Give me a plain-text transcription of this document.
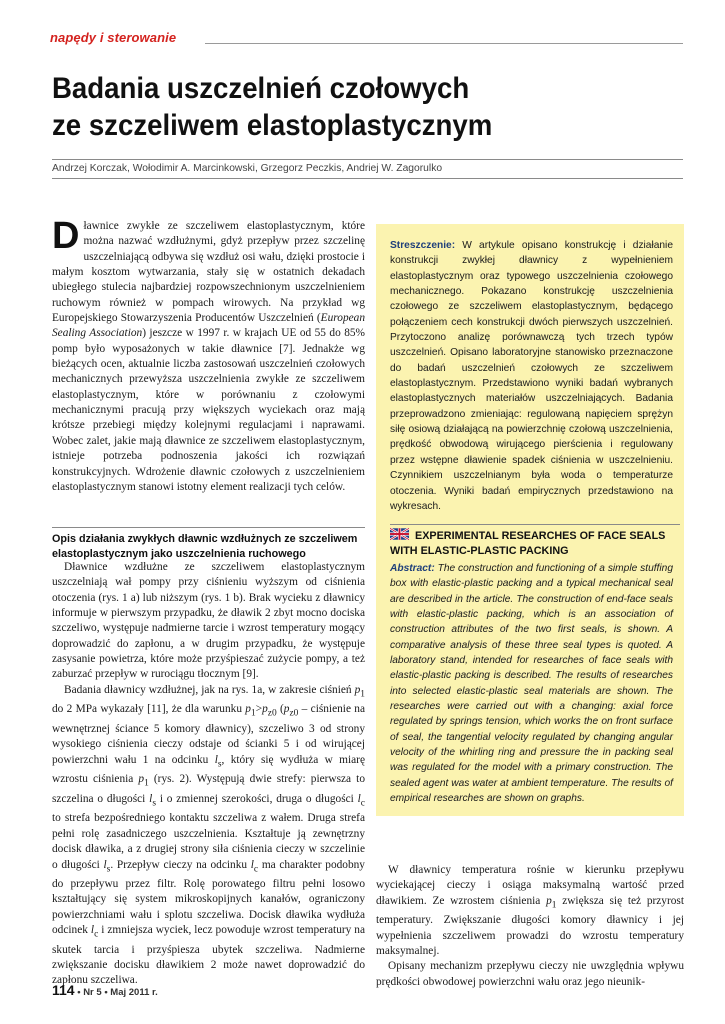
napędy i sterowanie
Badania uszczelnień czołowych
ze szczeliwem elastoplastycznym
Andrzej Korczak, Wołodimir A. Marcinkowski, Grzegorz Peczkis, Andriej W. Zagorulko
Dławnice zwykłe ze szczeliwem elastoplastycznym, które można nazwać wzdłużnymi, gdyż przepływ przez szczelinę uszczelniającą odbywa się wzdłuż osi wału, dzięki prostocie i małym kosztom wytwarzania, stały się w ostatnich dekadach ubiegłego stulecia najbardziej rozpowszechnionym uszczelnieniem ruchowym również w pompach wirowych. Na przykład wg Europejskiego Stowarzyszenia Producentów Uszczelnień (European Sealing Association) jeszcze w 1997 r. w krajach UE od 55 do 85% pomp było wyposażonych w takie dławnice [7]. Jednakże wg bieżących ocen, aktualnie liczba zastosowań uszczelnień czołowych mechanicznych przewyższa uszczelnienia zwykłe ze szczeliwem elastoplastycznym, które w porównaniu z czołowymi mechanicznymi pracują przy większych wyciekach oraz mają krótsze przebiegi między kolejnymi regulacjami i naprawami. Wobec zalet, jakie mają dławnice ze szczeliwem elastoplastycznym, istnieje potrzeba podnoszenia jakości ich rozwiązań konstrukcyjnych. Wdrożenie dławnic czołowych z uszczelnieniem elastoplastycznym stanowi istotny element realizacji tych celów.
Opis działania zwykłych dławnic wzdłużnych ze szczeliwem elastoplastycznym jako uszczelnienia ruchowego

Dławnice wzdłużne ze szczeliwem elastoplastycznym uszczelniają wał pompy przy ciśnieniu wyższym od ciśnienia otoczenia (rys. 1 a) lub niższym (rys. 1 b). Brak wycieku z dławnicy informuje w pierwszym przypadku, że dławik 2 zbyt mocno dociska szczeliwo, występuje nadmierne tarcie i wzrost temperatury mogący doprowadzić do zapłonu, a w drugim przypadku, że występuje zasysanie powietrza, które może przyśpieszać zużycie pompy, a też zaburzać przepływ w rurociągu tłocznym [9].

Badania dławnicy wzdłużnej, jak na rys. 1a, w zakresie ciśnień $p_1$ do 2 MPa wykazały [11], że dla warunku $p_1>p_{z0}$ ($p_{z0}$ – ciśnienie na wewnętrznej ściance 5 komory dławnicy), szczeliwo 3 od strony wysokiego ciśnienia cieczy odstaje od ścianki 5 i od wirującej powierzchni wału 1 na odcinku $l_s$, który się wydłuża w miarę wzrostu ciśnienia $p_1$ (rys. 2). Występują dwie strefy: pierwsza to szczelina o długości $l_s$ i o zmiennej szerokości, druga o długości $l_c$ to strefa bezpośredniego kontaktu szczeliwa z wałem. Druga strefa pełni rolę zasadniczego uszczelnienia. Kształtuje ją zewnętrzny docisk dławika, a z drugiej strony siła ciśnienia cieczy w szczelinie o długości $l_s$. Przepływ cieczy na odcinku $l_c$ ma charakter podobny do przepływu przez filtr. Rolę porowatego filtru pełni losowo kształtujący się system mikroskopijnych kanałów, ograniczony powierzchniami wału i splotu szczeliwa. Docisk dławika wydłuża odcinek $l_c$ i zmniejsza wyciek, lecz powoduje wzrost temperatury na skutek tarcia i przyśpiesza ubytek szczeliwa. Nadmierne zwiększanie docisku dławikiem 2 może nawet doprowadzić do zapłonu szczeliwa.

Streszczenie: W artykule opisano konstrukcję i działanie konstrukcji zwykłej dławnicy z wypełnieniem elastoplastycznym oraz typowego uszczelnienia czołowego mechanicznego. Pokazano konstrukcję uszczelnienia czołowego ze szczeliwem elastoplastycznym, będącego połączeniem cech konstrukcji dwóch pierwszych uszczelnień. Przytoczono analizę porównawczą tych trzech typów uszczelnień. Opisano laboratoryjne stanowisko przeznaczone do badań uszczelnień czołowych ze szczeliwem elastoplastycznym. Przedstawiono wyniki badań wybranych elastoplastycznych materiałów uszczelniających. Badania przeprowadzono zmieniając: regulowaną napięciem sprężyn siłę osiową działającą na powierzchnię czołową uszczelnienia, prędkość obwodową wirującego pierścienia i regulowany przez wstępne dławienie spadek ciśnienia w uszczelnieniu. Czynnikiem uszczelnianym była woda o temperaturze otoczenia. Wyniki badań empirycznych przedstawiono na wykresach.
EXPERIMENTAL RESEARCHES OF FACE SEALS
WITH ELASTIC-PLASTIC PACKING
Abstract: The construction and functioning of a simple stuffing box with elastic-plastic packing and a typical mechanical seal are described in the article. The construction of end-face seals with elastic-plastic packing, which is an association of construction attributes of the two first seals, is shown. A comparative analysis of these three seal types is quoted. A laboratory stand, intended for researches of face seals with elastic-plastic packing is described. The results of researches into selected elastic-plastic seal materials are shown. The researches were carried out with a changing: axial force regulated by springs tension, which works the on front surface of seal, the tangential velocity regulated by changing angular velocity of the whirling ring and pressure the in packing seal was regulated for the model with a primary construction. The sealed agent was water at ambient temperature. The results of empirical researches are shown on graphs.

W dławnicy temperatura rośnie w kierunku przepływu wyciekającej cieczy i osiąga maksymalną wartość przed dławikiem. Ze wzrostem ciśnienia $p_1$ zwiększa się też przyrost temperatury. Zwiększanie długości komory dławnicy i jej wypełnienia szczeliwem prowadzi do wzrostu temperatury maksymalnej.

Opisany mechanizm przepływu cieczy nie uwzględnia wpływu prędkości obwodowej powierzchni wału oraz jego nieunik-

114 • Nr 5 • Maj 2011 r.
